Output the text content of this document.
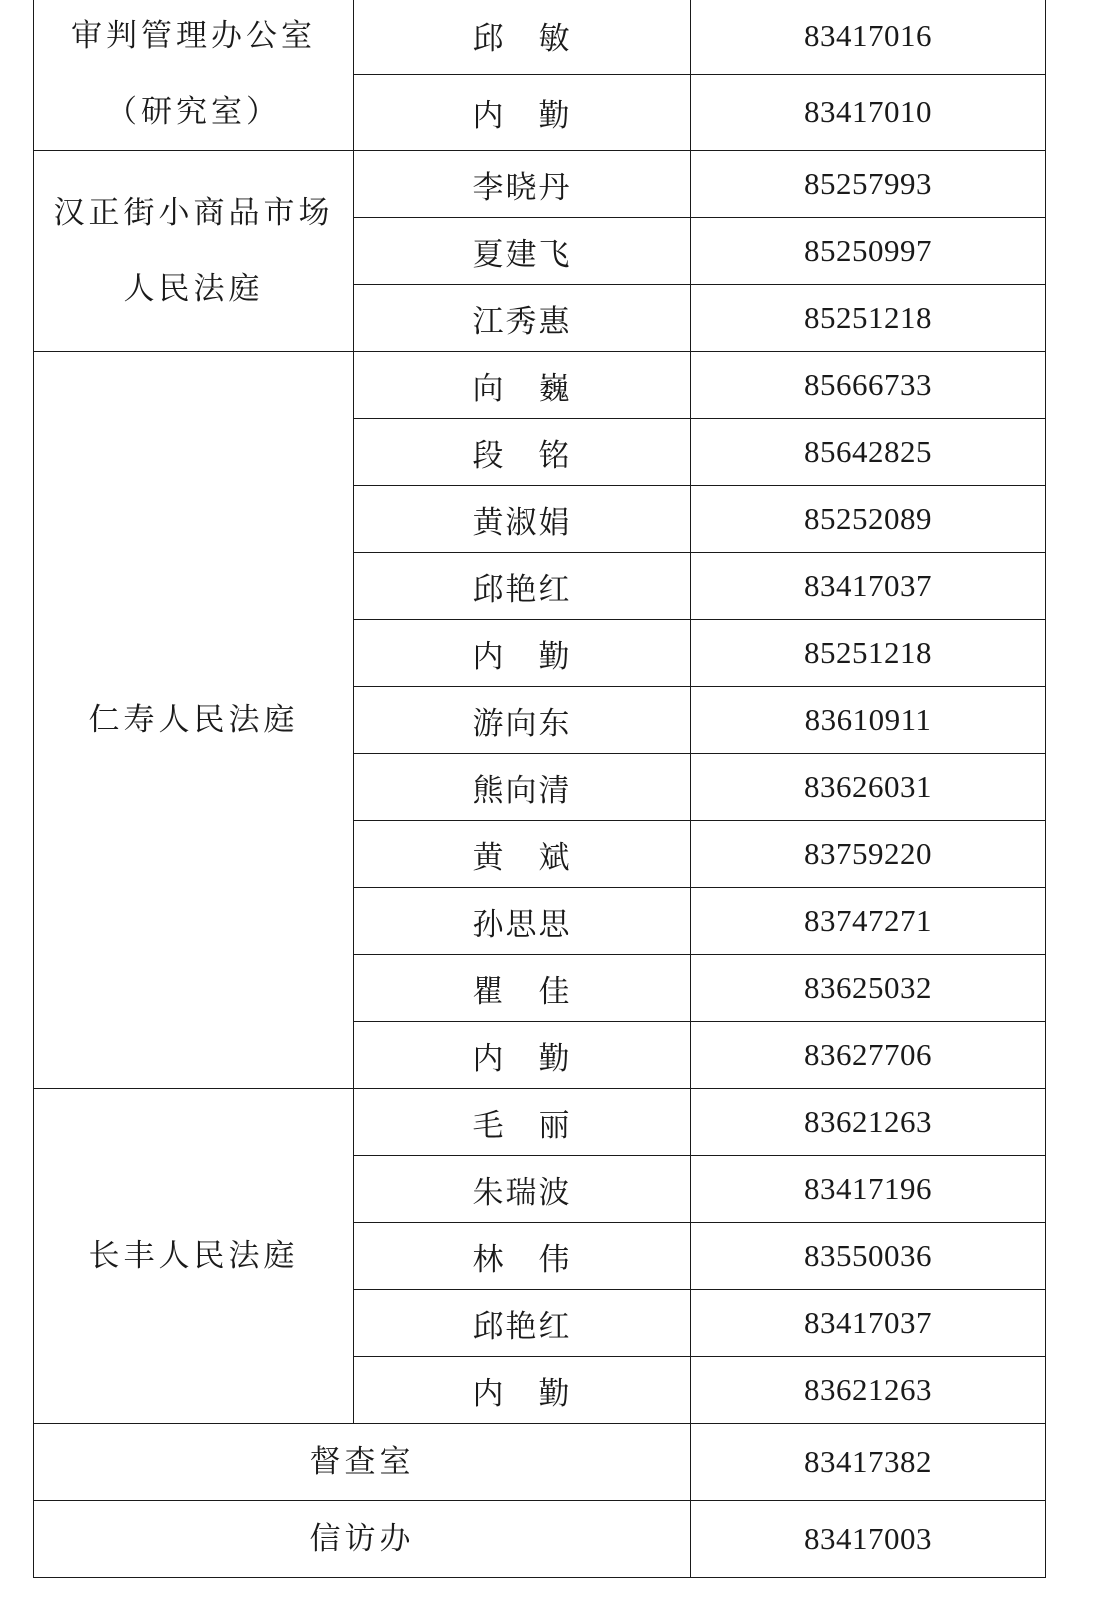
审判管理办公室
（研究室）	邱　敏	83417016
	内　勤	83417010

汉正街小商品市场
人民法庭	李晓丹	85257993
	夏建飞	85250997
	江秀惠	85251218

仁寿人民法庭	向　巍	85666733
	段　铭	85642825
	黄淑娟	85252089
	邱艳红	83417037
	内　勤	85251218
	游向东	83610911
	熊向清	83626031
	黄　斌	83759220
	孙思思	83747271
	瞿　佳	83625032
	内　勤	83627706

长丰人民法庭	毛　丽	83621263
	朱瑞波	83417196
	林　伟	83550036
	邱艳红	83417037
	内　勤	83621263
督查室		83417382
信访办		83417003
